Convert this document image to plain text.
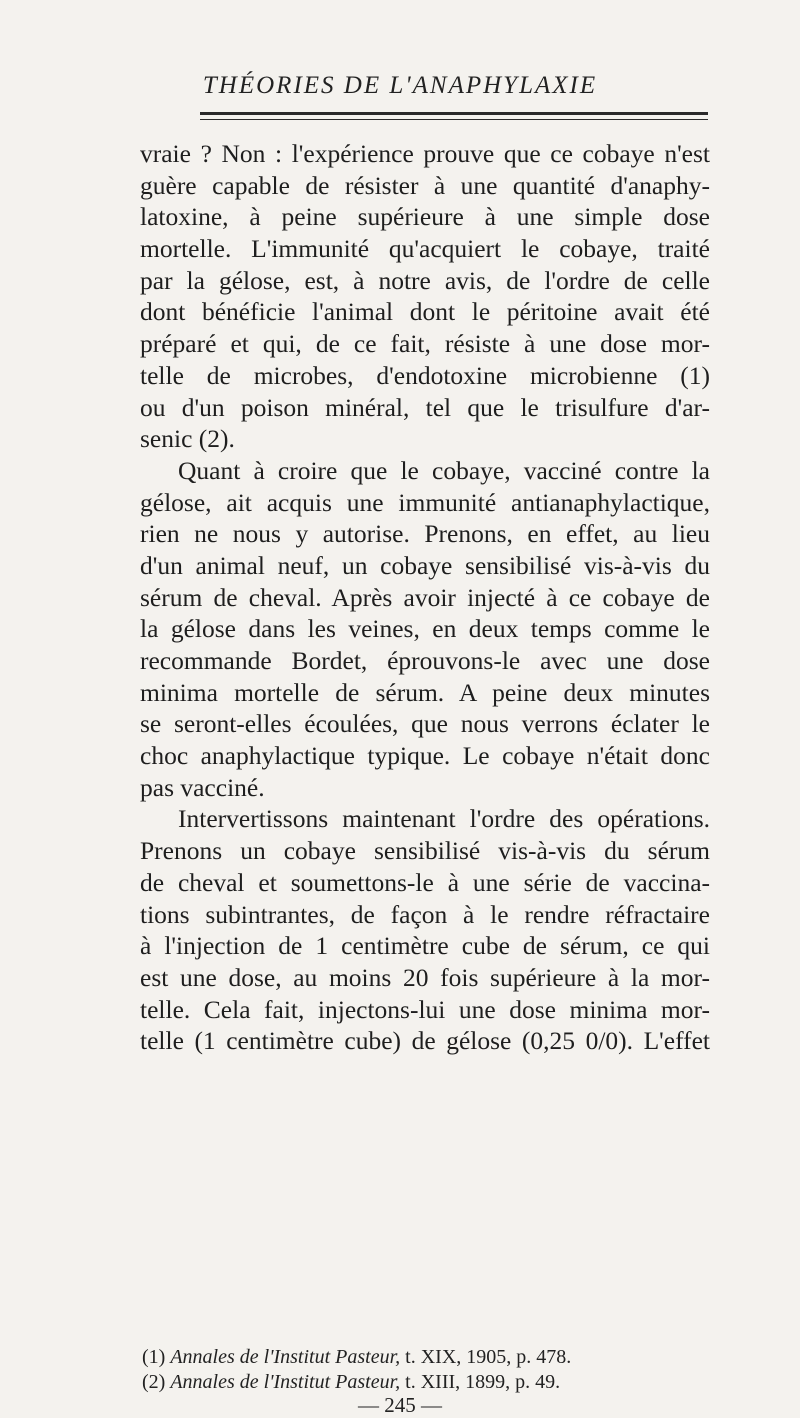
THÉORIES DE L'ANAPHYLAXIE
vraie ? Non : l'expérience prouve que ce cobaye n'est
guère capable de résister à une quantité d'anaphy-
latoxine, à peine supérieure à une simple dose
mortelle. L'immunité qu'acquiert le cobaye, traité
par la gélose, est, à notre avis, de l'ordre de celle
dont bénéficie l'animal dont le péritoine avait été
préparé et qui, de ce fait, résiste à une dose mor-
telle de microbes, d'endotoxine microbienne (1)
ou d'un poison minéral, tel que le trisulfure d'ar-
senic (2).
Quant à croire que le cobaye, vacciné contre la
gélose, ait acquis une immunité antianaphylactique,
rien ne nous y autorise. Prenons, en effet, au lieu
d'un animal neuf, un cobaye sensibilisé vis-à-vis du
sérum de cheval. Après avoir injecté à ce cobaye de
la gélose dans les veines, en deux temps comme le
recommande Bordet, éprouvons-le avec une dose
minima mortelle de sérum. A peine deux minutes
se seront-elles écoulées, que nous verrons éclater le
choc anaphylactique typique. Le cobaye n'était donc
pas vacciné.
Intervertissons maintenant l'ordre des opérations.
Prenons un cobaye sensibilisé vis-à-vis du sérum
de cheval et soumettons-le à une série de vaccina-
tions subintrantes, de façon à le rendre réfractaire
à l'injection de 1 centimètre cube de sérum, ce qui
est une dose, au moins 20 fois supérieure à la mor-
telle. Cela fait, injectons-lui une dose minima mor-
telle (1 centimètre cube) de gélose (0,25 0/0). L'effet
(1) Annales de l'Institut Pasteur, t. XIX, 1905, p. 478.
(2) Annales de l'Institut Pasteur, t. XIII, 1899, p. 49.
— 245 —
